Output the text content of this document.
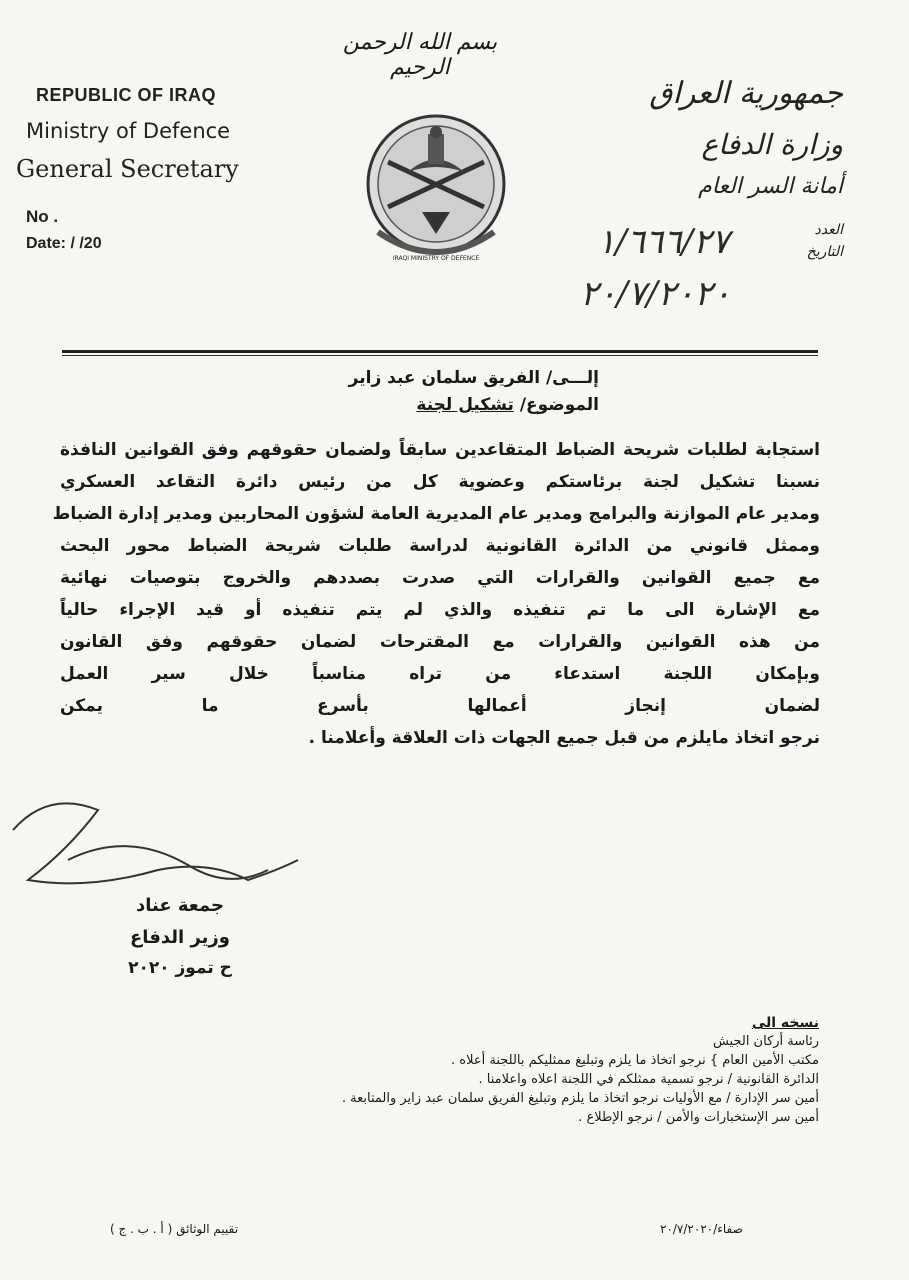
بسم الله الرحمن الرحيم
REPUBLIC OF IRAQ
Ministry of Defence
General Secretary
No .
Date: / /20
IRAQI MINISTRY OF DEFENCE
جمهورية العراق
وزارة الدفاع
أمانة السر العام
العدد
التاريخ
١/٦٦٦/٢٧
٢٠/٧/٢٠٢٠
إلـــى/ الفريق سلمان عبد زاير
الموضوع/ تشكيل لجنة
استجابة لطلبات شريحة الضباط المتقاعدين سابقاً ولضمان حقوقهم وفق القوانين النافذة
نسبنا تشكيل لجنة برئاستكم وعضوية كل من رئيس دائرة التقاعد العسكري
ومدير عام الموازنة والبرامج ومدير عام المديرية العامة لشؤون المحاربين ومدير إدارة الضباط
وممثل قانوني من الدائرة القانونية لدراسة طلبات شريحة الضباط محور البحث
مع جميع القوانين والقرارات التي صدرت بصددهم والخروج بتوصيات نهائية
مع الإشارة الى ما تم تنفيذه والذي لم يتم تنفيذه أو قيد الإجراء حالياً
من هذه القوانين والقرارات مع المقترحات لضمان حقوقهم وفق القانون
وبإمكان اللجنة استدعاء من تراه مناسباً خلال سير العمل
لضمان إنجاز أعمالها بأسرع ما يمكن
نرجو اتخاذ مايلزم من قبل جميع الجهات ذات العلاقة وأعلامنا .
جمعة عناد
وزير الدفاع
ح تموز ٢٠٢٠
نسخه الى
رئاسة أركان الجيش
مكتب الأمين العام } نرجو اتخاذ ما يلزم وتبليغ ممثليكم باللجنة أعلاه .
الدائرة القانونية / نرجو تسمية ممثلكم في اللجنة اعلاه واعلامنا .
أمين سر الإدارة / مع الأوليات نرجو اتخاذ ما يلزم وتبليغ الفريق سلمان عبد زاير والمتابعة .
أمين سر الإستخبارات والأمن / نرجو الإطلاع .
تقييم الوثائق ( أ . ب . ج )	صفاء/٢٠/٧/٢٠٢٠
